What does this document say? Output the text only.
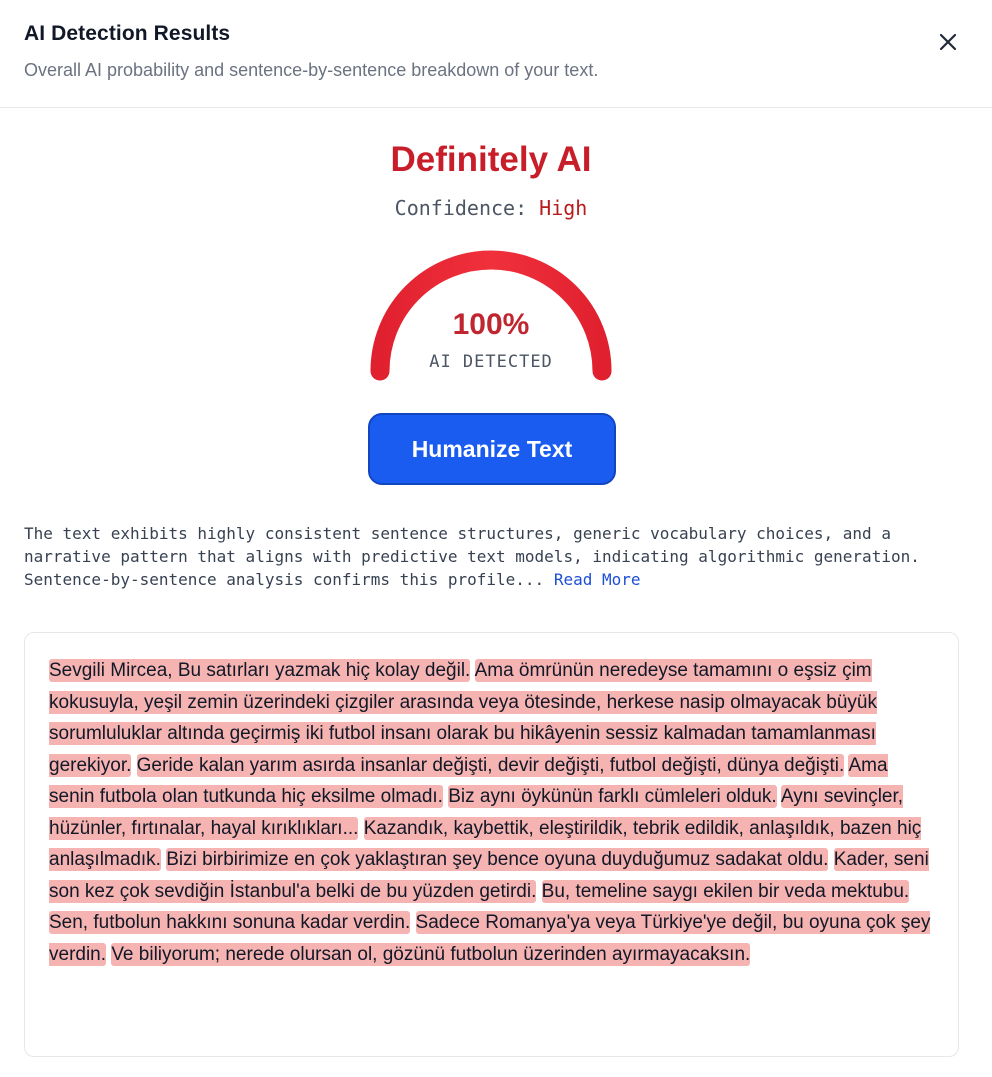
AI Detection Results
Overall AI probability and sentence-by-sentence breakdown of your text.
Definitely AI
Confidence: High
100%
AI DETECTED
Humanize Text
The text exhibits highly consistent sentence structures, generic vocabulary choices, and a narrative pattern that aligns with predictive text models, indicating algorithmic generation. Sentence-by-sentence analysis confirms this profile... Read More
Sevgili Mircea, Bu satırları yazmak hiç kolay değil. Ama ömrünün neredeyse tamamını o eşsiz çim kokusuyla, yeşil zemin üzerindeki çizgiler arasında veya ötesinde, herkese nasip olmayacak büyük sorumluluklar altında geçirmiş iki futbol insanı olarak bu hikâyenin sessiz kalmadan tamamlanması gerekiyor. Geride kalan yarım asırda insanlar değişti, devir değişti, futbol değişti, dünya değişti. Ama senin futbola olan tutkunda hiç eksilme olmadı. Biz aynı öykünün farklı cümleleri olduk. Aynı sevinçler, hüzünler, fırtınalar, hayal kırıklıkları... Kazandık, kaybettik, eleştirildik, tebrik edildik, anlaşıldık, bazen hiç anlaşılmadık. Bizi birbirimize en çok yaklaştıran şey bence oyuna duyduğumuz sadakat oldu. Kader, seni son kez çok sevdiğin İstanbul'a belki de bu yüzden getirdi. Bu, temeline saygı ekilen bir veda mektubu. Sen, futbolun hakkını sonuna kadar verdin. Sadece Romanya'ya veya Türkiye'ye değil, bu oyuna çok şey verdin. Ve biliyorum; nerede olursan ol, gözünü futbolun üzerinden ayırmayacaksın.
